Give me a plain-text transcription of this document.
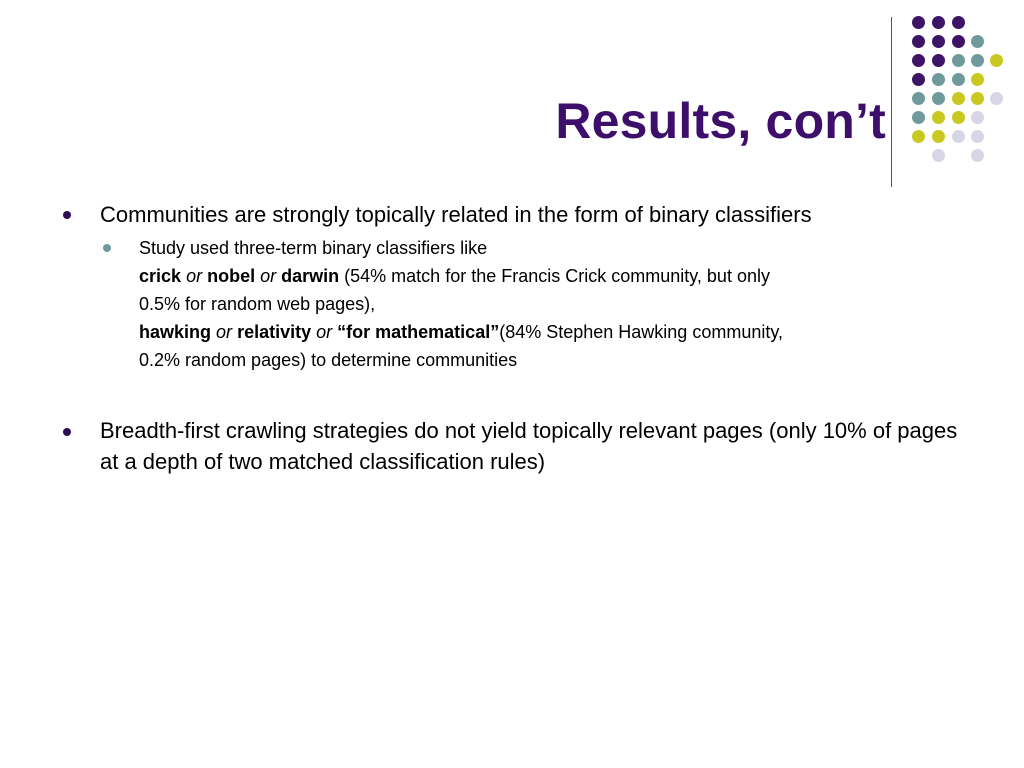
Results, con’t
Communities are strongly topically related in the form of binary classifiers
Study used three-term binary classifiers like
crick or nobel or darwin (54% match for the Francis Crick community, but only
0.5% for random web pages),
hawking or relativity or “for mathematical”(84% Stephen Hawking community,
0.2% random pages) to determine communities
Breadth-first crawling strategies do not yield topically relevant pages (only 10% of pages at a depth of two matched classification rules)
